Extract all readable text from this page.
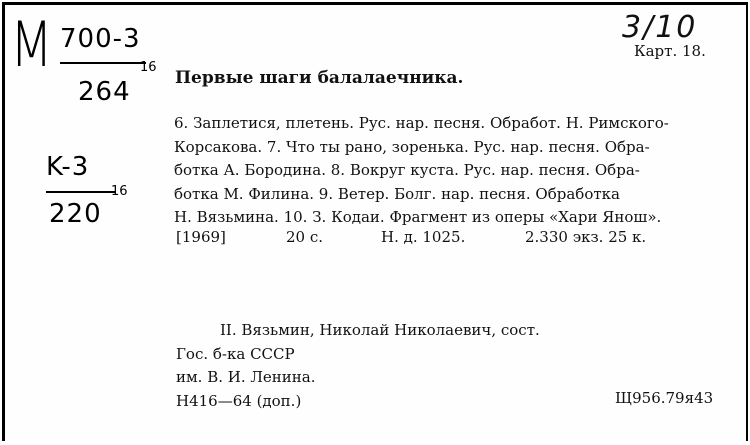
M 700-3
264
16
K-3
220
16
3/10
Карт. 18.
Первые шаги балалаечника.

6. Заплетися, плетень. Рус. нар. песня. Обработ. Н. Римского-

Корсакова. 7. Что ты рано, зоренька. Рус. нар. песня. Обра-

ботка А. Бородина. 8. Вокруг куста. Рус. нар. песня. Обра-

ботка М. Филина. 9. Ветер. Болг. нар. песня. Обработка

Н. Вязьмина. 10. З. Кодаи. Фрагмент из оперы «Хари Янош».

[1969]	20 с.	Н. д. 1025.	2.330 экз. 25 к.
II. Вязьмин, Николай Николаевич, сост.
Гос. б-ка СССР
им. В. И. Ленина.
Н416—64 (доп.)	Щ956.79я43
